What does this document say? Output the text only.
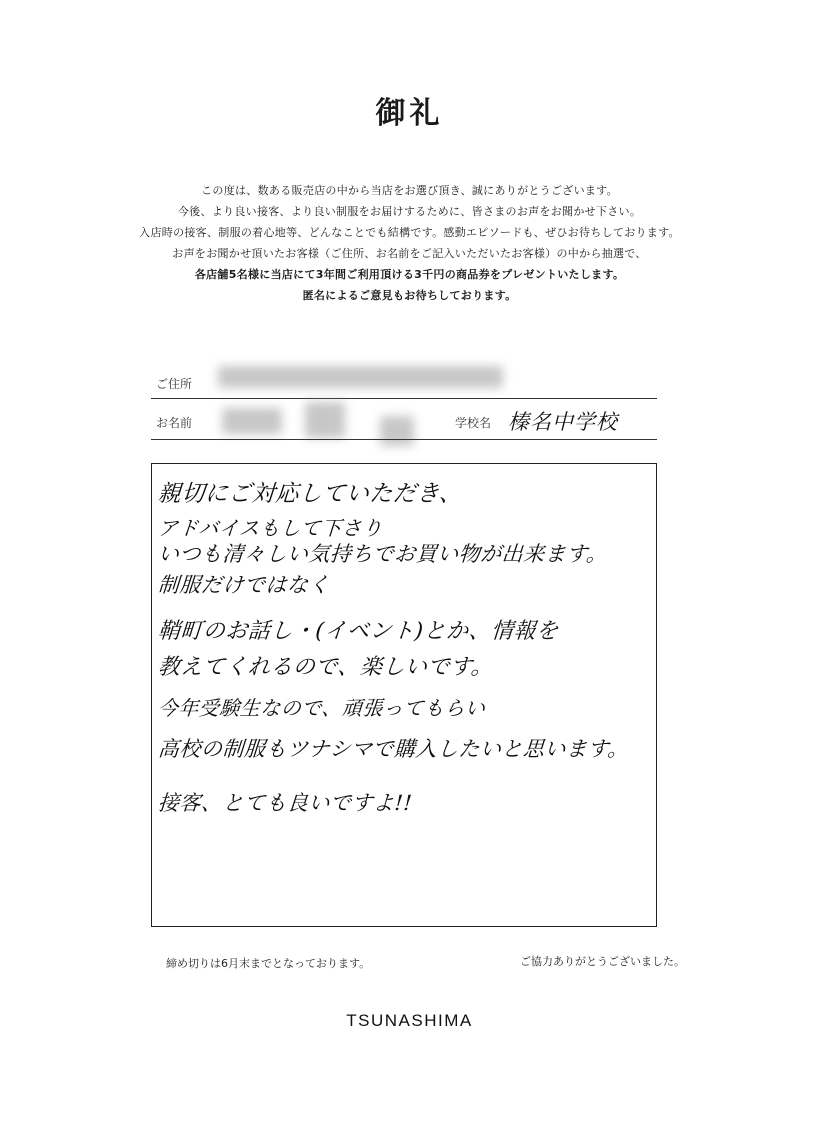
御礼
この度は、数ある販売店の中から当店をお選び頂き、誠にありがとうございます。
今後、より良い接客、より良い制服をお届けするために、皆さまのお声をお聞かせ下さい。
入店時の接客、制服の着心地等、どんなことでも結構です。感動エピソードも、ぜひお待ちしております。
お声をお聞かせ頂いたお客様（ご住所、お名前をご記入いただいたお客様）の中から抽選で、
各店舗5名様に当店にて3年間ご利用頂ける3千円の商品券をプレゼントいたします。
匿名によるご意見もお待ちしております。
ご住所
お名前	学校名 榛名中学校
親切にご対応していただき、
アドバイスもして下さり
いつも清々しい気持ちでお買い物が出来ます。
制服だけではなく
鞘町のお話し・(イベント)とか、情報を
教えてくれるので、楽しいです。
今年受験生なので、頑張ってもらい
高校の制服もツナシマで購入したいと思います。
接客、とても良いですよ!!
締め切りは6月末までとなっております。	ご協力ありがとうございました。
TSUNASHIMA
